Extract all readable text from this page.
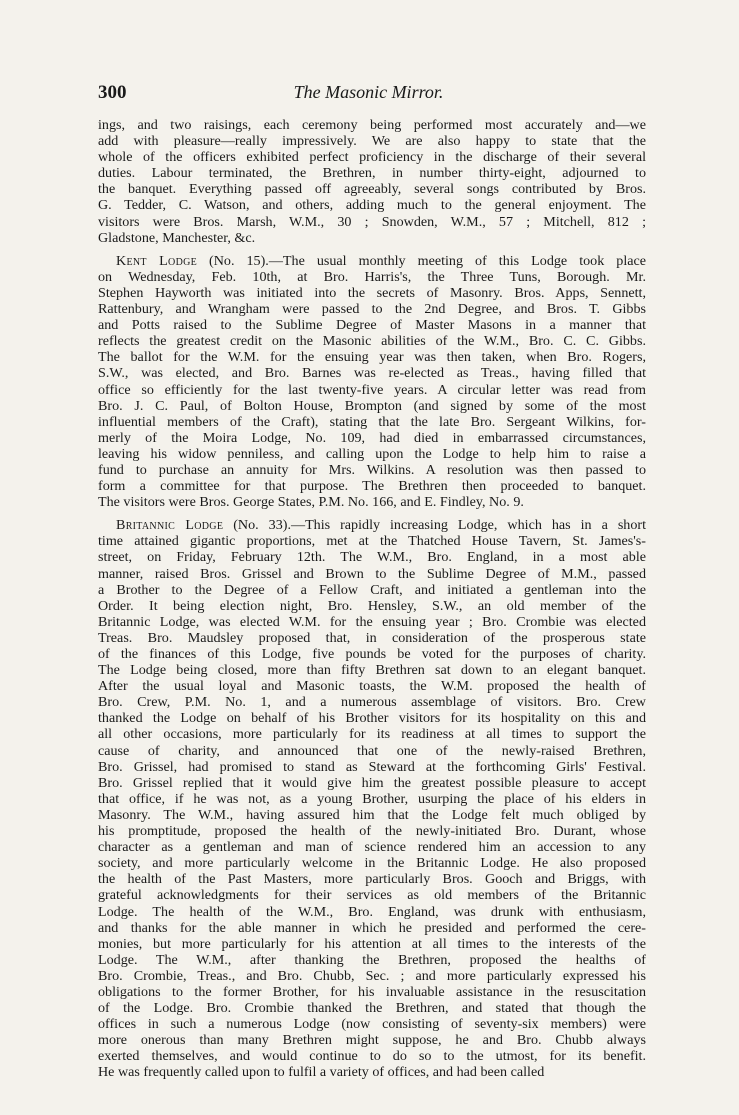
300	The Masonic Mirror.
ings, and two raisings, each ceremony being performed most accurately and—we
add with pleasure—really impressively. We are also happy to state that the
whole of the officers exhibited perfect proficiency in the discharge of their several
duties. Labour terminated, the Brethren, in number thirty-eight, adjourned to
the banquet. Everything passed off agreeably, several songs contributed by Bros.
G. Tedder, C. Watson, and others, adding much to the general enjoyment. The
visitors were Bros. Marsh, W.M., 30 ; Snowden, W.M., 57 ; Mitchell, 812 ;
Gladstone, Manchester, &c.
Kent Lodge (No. 15).—The usual monthly meeting of this Lodge took place
on Wednesday, Feb. 10th, at Bro. Harris's, the Three Tuns, Borough. Mr.
Stephen Hayworth was initiated into the secrets of Masonry. Bros. Apps, Sennett,
Rattenbury, and Wrangham were passed to the 2nd Degree, and Bros. T. Gibbs
and Potts raised to the Sublime Degree of Master Masons in a manner that
reflects the greatest credit on the Masonic abilities of the W.M., Bro. C. C. Gibbs.
The ballot for the W.M. for the ensuing year was then taken, when Bro. Rogers,
S.W., was elected, and Bro. Barnes was re-elected as Treas., having filled that
office so efficiently for the last twenty-five years. A circular letter was read from
Bro. J. C. Paul, of Bolton House, Brompton (and signed by some of the most
influential members of the Craft), stating that the late Bro. Sergeant Wilkins, for-
merly of the Moira Lodge, No. 109, had died in embarrassed circumstances,
leaving his widow penniless, and calling upon the Lodge to help him to raise a
fund to purchase an annuity for Mrs. Wilkins. A resolution was then passed to
form a committee for that purpose. The Brethren then proceeded to banquet.
The visitors were Bros. George States, P.M. No. 166, and E. Findley, No. 9.
Britannic Lodge (No. 33).—This rapidly increasing Lodge, which has in a short
time attained gigantic proportions, met at the Thatched House Tavern, St. James's-
street, on Friday, February 12th. The W.M., Bro. England, in a most able
manner, raised Bros. Grissel and Brown to the Sublime Degree of M.M., passed
a Brother to the Degree of a Fellow Craft, and initiated a gentleman into the
Order. It being election night, Bro. Hensley, S.W., an old member of the
Britannic Lodge, was elected W.M. for the ensuing year ; Bro. Crombie was elected
Treas. Bro. Maudsley proposed that, in consideration of the prosperous state
of the finances of this Lodge, five pounds be voted for the purposes of charity.
The Lodge being closed, more than fifty Brethren sat down to an elegant banquet.
After the usual loyal and Masonic toasts, the W.M. proposed the health of
Bro. Crew, P.M. No. 1, and a numerous assemblage of visitors. Bro. Crew
thanked the Lodge on behalf of his Brother visitors for its hospitality on this and
all other occasions, more particularly for its readiness at all times to support the
cause of charity, and announced that one of the newly-raised Brethren,
Bro. Grissel, had promised to stand as Steward at the forthcoming Girls' Festival.
Bro. Grissel replied that it would give him the greatest possible pleasure to accept
that office, if he was not, as a young Brother, usurping the place of his elders in
Masonry. The W.M., having assured him that the Lodge felt much obliged by
his promptitude, proposed the health of the newly-initiated Bro. Durant, whose
character as a gentleman and man of science rendered him an accession to any
society, and more particularly welcome in the Britannic Lodge. He also proposed
the health of the Past Masters, more particularly Bros. Gooch and Briggs, with
grateful acknowledgments for their services as old members of the Britannic
Lodge. The health of the W.M., Bro. England, was drunk with enthusiasm,
and thanks for the able manner in which he presided and performed the cere-
monies, but more particularly for his attention at all times to the interests of the
Lodge. The W.M., after thanking the Brethren, proposed the healths of
Bro. Crombie, Treas., and Bro. Chubb, Sec. ; and more particularly expressed his
obligations to the former Brother, for his invaluable assistance in the resuscitation
of the Lodge. Bro. Crombie thanked the Brethren, and stated that though the
offices in such a numerous Lodge (now consisting of seventy-six members) were
more onerous than many Brethren might suppose, he and Bro. Chubb always
exerted themselves, and would continue to do so to the utmost, for its benefit.
He was frequently called upon to fulfil a variety of offices, and had been called
